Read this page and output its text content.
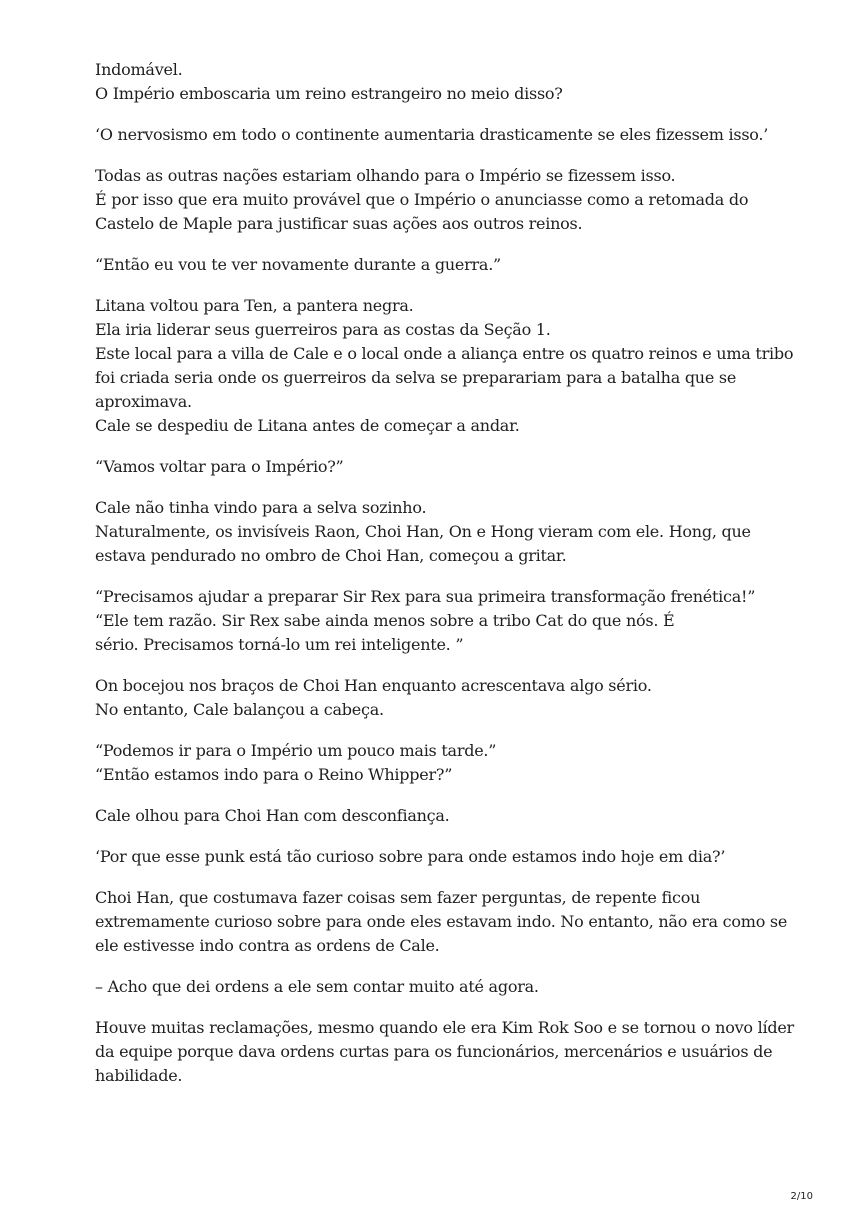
Indomável.
O Império emboscaria um reino estrangeiro no meio disso?
‘O nervosismo em todo o continente aumentaria drasticamente se eles fizessem isso.’
Todas as outras nações estariam olhando para o Império se fizessem isso.
É por isso que era muito provável que o Império o anunciasse como a retomada do
Castelo de Maple para justificar suas ações aos outros reinos.
“Então eu vou te ver novamente durante a guerra.”
Litana voltou para Ten, a pantera negra.
Ela iria liderar seus guerreiros para as costas da Seção 1.
Este local para a villa de Cale e o local onde a aliança entre os quatro reinos e uma tribo
foi criada seria onde os guerreiros da selva se preparariam para a batalha que se
aproximava.
Cale se despediu de Litana antes de começar a andar.
“Vamos voltar para o Império?”
Cale não tinha vindo para a selva sozinho.
Naturalmente, os invisíveis Raon, Choi Han, On e Hong vieram com ele. Hong, que
estava pendurado no ombro de Choi Han, começou a gritar.
“Precisamos ajudar a preparar Sir Rex para sua primeira transformação frenética!”
“Ele tem razão. Sir Rex sabe ainda menos sobre a tribo Cat do que nós. É
sério. Precisamos torná-lo um rei inteligente. ”
On bocejou nos braços de Choi Han enquanto acrescentava algo sério.
No entanto, Cale balançou a cabeça.
“Podemos ir para o Império um pouco mais tarde.”
“Então estamos indo para o Reino Whipper?”
Cale olhou para Choi Han com desconfiança.
‘Por que esse punk está tão curioso sobre para onde estamos indo hoje em dia?’
Choi Han, que costumava fazer coisas sem fazer perguntas, de repente ficou
extremamente curioso sobre para onde eles estavam indo. No entanto, não era como se
ele estivesse indo contra as ordens de Cale.
– Acho que dei ordens a ele sem contar muito até agora.
Houve muitas reclamações, mesmo quando ele era Kim Rok Soo e se tornou o novo líder
da equipe porque dava ordens curtas para os funcionários, mercenários e usuários de
habilidade.
2/10
